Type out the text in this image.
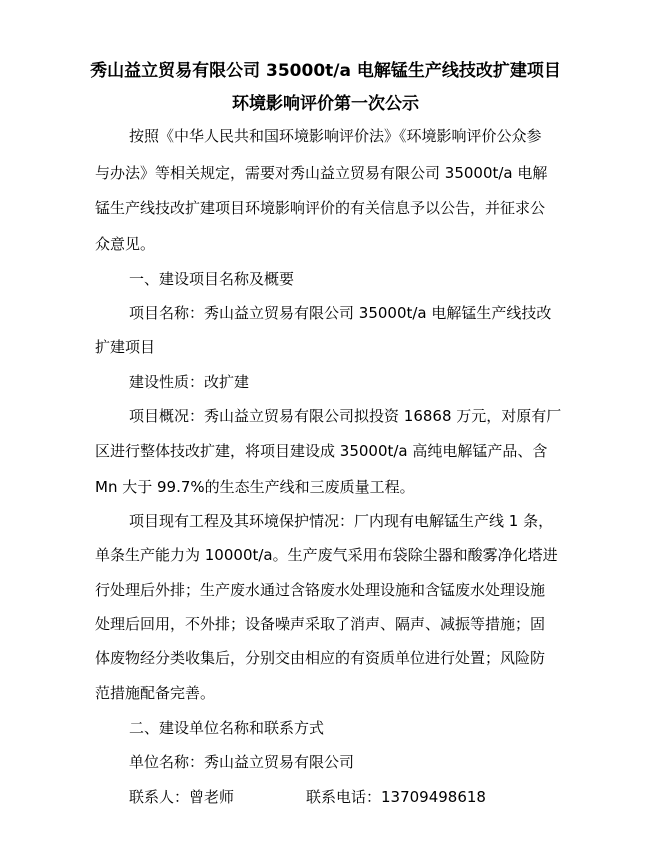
秀山益立贸易有限公司 35000t/a 电解锰生产线技改扩建项目
环境影响评价第一次公示
按照《中华人民共和国环境影响评价法》《环境影响评价公众参
与办法》等相关规定，需要对秀山益立贸易有限公司 35000t/a 电解
锰生产线技改扩建项目环境影响评价的有关信息予以公告，并征求公
众意见。
一、建设项目名称及概要
项目名称：秀山益立贸易有限公司 35000t/a 电解锰生产线技改
扩建项目
建设性质：改扩建
项目概况：秀山益立贸易有限公司拟投资 16868 万元，对原有厂
区进行整体技改扩建，将项目建设成 35000t/a 高纯电解锰产品、含
Mn 大于 99.7%的生态生产线和三废质量工程。
项目现有工程及其环境保护情况：厂内现有电解锰生产线 1 条，
单条生产能力为 10000t/a。生产废气采用布袋除尘器和酸雾净化塔进
行处理后外排；生产废水通过含铬废水处理设施和含锰废水处理设施
处理后回用，不外排；设备噪声采取了消声、隔声、减振等措施；固
体废物经分类收集后，分别交由相应的有资质单位进行处置；风险防
范措施配备完善。
二、建设单位名称和联系方式
单位名称：秀山益立贸易有限公司
联系人：曾老师	联系电话：13709498618
